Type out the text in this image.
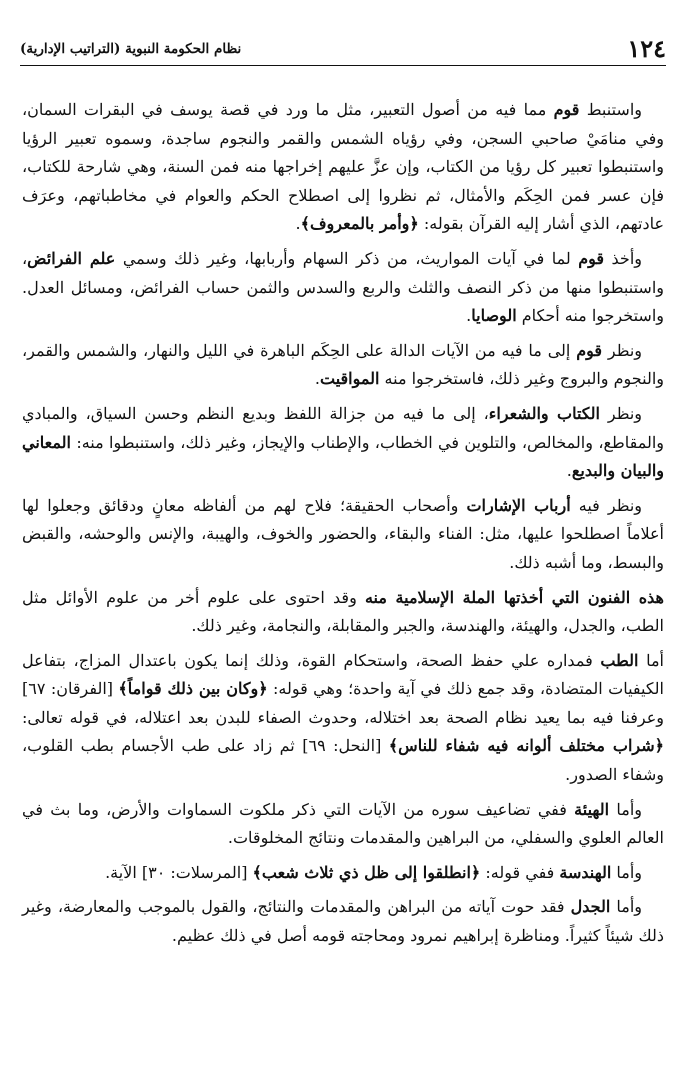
١٢٤
نظام الحكومة النبوية (التراتيب الإدارية)

واستنبط قوم مما فيه من أصول التعبير، مثل ما ورد في قصة يوسف في البقرات السمان، وفي منامَيْ صاحبي السجن، وفي رؤياه الشمس والقمر والنجوم ساجدة، وسموه تعبير الرؤيا واستنبطوا تعبير كل رؤيا من الكتاب، وإن عزَّ عليهم إخراجها منه فمن السنة، وهي شارحة للكتاب، فإن عسر فمن الحِكَم والأمثال، ثم نظروا إلى اصطلاح الحكم والعوام في مخاطباتهم، وعرَف عادتهم، الذي أشار إليه القرآن بقوله: ﴿وأمر بالمعروف﴾.

وأخذ قوم لما في آيات المواريث، من ذكر السهام وأربابها، وغير ذلك وسمي علم الفرائض، واستنبطوا منها من ذكر النصف والثلث والربع والسدس والثمن حساب الفرائض، ومسائل العدل. واستخرجوا منه أحكام الوصايا.

ونظر قوم إلى ما فيه من الآيات الدالة على الحِكَم الباهرة في الليل والنهار، والشمس والقمر، والنجوم والبروج وغير ذلك، فاستخرجوا منه المواقيت.

ونظر الكتاب والشعراء، إلى ما فيه من جزالة اللفظ وبديع النظم وحسن السياق، والمبادي والمقاطع، والمخالص، والتلوين في الخطاب، والإطناب والإيجاز، وغير ذلك، واستنبطوا منه: المعاني والبيان والبديع.

ونظر فيه أرباب الإشارات وأصحاب الحقيقة؛ فلاح لهم من ألفاظه معانٍ ودقائق وجعلوا لها أعلاماً اصطلحوا عليها، مثل: الفناء والبقاء، والحضور والخوف، والهيبة، والإنس والوحشه، والقبض والبسط، وما أشبه ذلك.

هذه الفنون التي أخذتها الملة الإسلامية منه وقد احتوى على علوم أخر من علوم الأوائل مثل الطب، والجدل، والهيئة، والهندسة، والجبر والمقابلة، والنجامة، وغير ذلك.

أما الطب فمداره علي حفظ الصحة، واستحكام القوة، وذلك إنما يكون باعتدال المزاج، بتفاعل الكيفيات المتضادة، وقد جمع ذلك في آية واحدة؛ وهي قوله: ﴿وكان بين ذلك قواماً﴾ [الفرقان: ٦٧] وعرفنا فيه بما يعيد نظام الصحة بعد اختلاله، وحدوث الصفاء للبدن بعد اعتلاله، في قوله تعالى: ﴿شراب مختلف ألوانه فيه شفاء للناس﴾ [النحل: ٦٩] ثم زاد على طب الأجسام بطب القلوب، وشفاء الصدور.

وأما الهيئة ففي تضاعيف سوره من الآيات التي ذكر ملكوت السماوات والأرض، وما بث في العالم العلوي والسفلي، من البراهين والمقدمات ونتائج المخلوقات.

وأما الهندسة ففي قوله: ﴿انطلقوا إلى ظل ذي ثلاث شعب﴾ [المرسلات: ٣٠] الآية.

وأما الجدل فقد حوت آياته من البراهن والمقدمات والنتائج، والقول بالموجب والمعارضة، وغير ذلك شيئاً كثيراً. ومناظرة إبراهيم نمرود ومحاجته قومه أصل في ذلك عظيم.
